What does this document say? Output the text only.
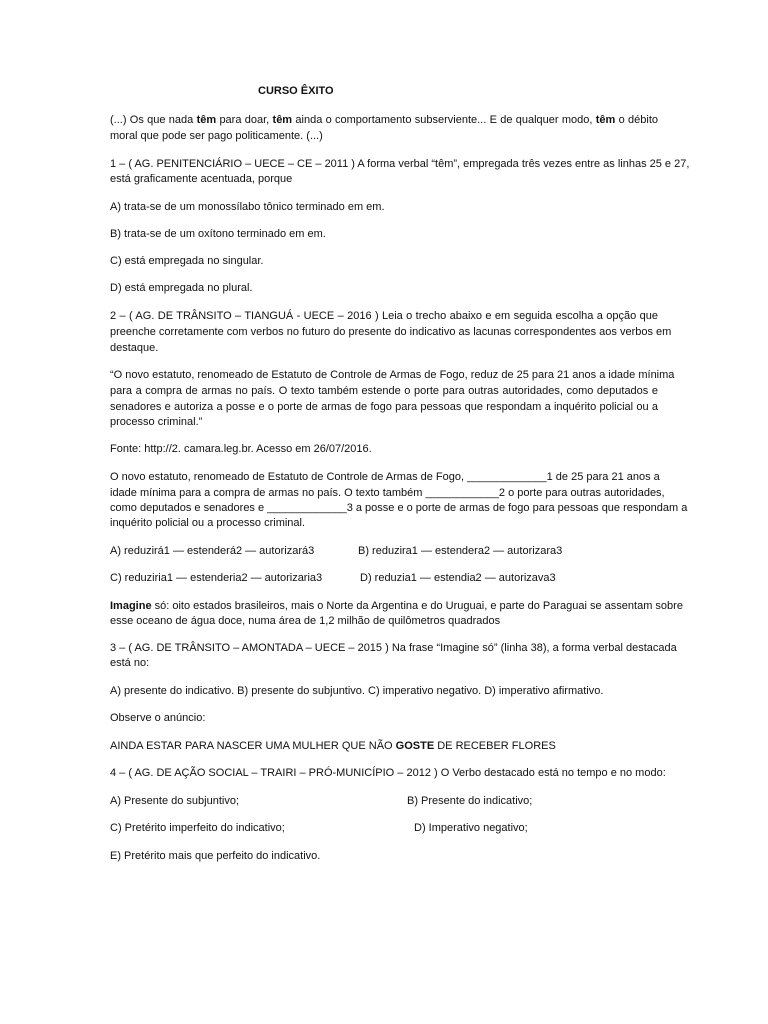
CURSO ÊXITO
(...) Os que nada têm para doar, têm ainda o comportamento subserviente... E de qualquer modo, têm o débito
moral que pode ser pago politicamente. (...)
1 – ( AG. PENITENCIÁRIO – UECE – CE – 2011 ) A forma verbal “têm”, empregada três vezes entre as linhas 25 e 27,
está graficamente acentuada, porque
A) trata-se de um monossílabo tônico terminado em em.
B) trata-se de um oxítono terminado em em.
C) está empregada no singular.
D) está empregada no plural.
2 – ( AG. DE TRÂNSITO – TIANGUÁ - UECE – 2016 ) Leia o trecho abaixo e em seguida escolha a opção que
preenche corretamente com verbos no futuro do presente do indicativo as lacunas correspondentes aos verbos em
destaque.
“O novo estatuto, renomeado de Estatuto de Controle de Armas de Fogo, reduz de 25 para 21 anos a idade mínima
para a compra de armas no país. O texto também estende o porte para outras autoridades, como deputados e
senadores e autoriza a posse e o porte de armas de fogo para pessoas que respondam a inquérito policial ou a
processo criminal.”
Fonte: http://2. camara.leg.br. Acesso em 26/07/2016.
O novo estatuto, renomeado de Estatuto de Controle de Armas de Fogo, _____________1 de 25 para 21 anos a
idade mínima para a compra de armas no país. O texto também ____________2 o porte para outras autoridades,
como deputados e senadores e _____________3 a posse e o porte de armas de fogo para pessoas que respondam a
inquérito policial ou a processo criminal.
A) reduzirá1 — estenderá2 — autorizará3	B) reduzira1 — estendera2 — autorizara3
C) reduziria1 — estenderia2 — autorizaria3	D) reduzia1 — estendia2 — autorizava3
Imagine só: oito estados brasileiros, mais o Norte da Argentina e do Uruguai, e parte do Paraguai se assentam sobre
esse oceano de água doce, numa área de 1,2 milhão de quilômetros quadrados
3 – ( AG. DE TRÂNSITO – AMONTADA – UECE – 2015 ) Na frase “Imagine só” (linha 38), a forma verbal destacada
está no:
A) presente do indicativo. B) presente do subjuntivo. C) imperativo negativo. D) imperativo afirmativo.
Observe o anúncio:
AINDA ESTAR PARA NASCER UMA MULHER QUE NÃO GOSTE DE RECEBER FLORES
4 – ( AG. DE AÇÃO SOCIAL – TRAIRI – PRÓ-MUNICÍPIO – 2012 ) O Verbo destacado está no tempo e no modo:
A) Presente do subjuntivo;	B) Presente do indicativo;
C) Pretérito imperfeito do indicativo;	D) Imperativo negativo;
E) Pretérito mais que perfeito do indicativo.
